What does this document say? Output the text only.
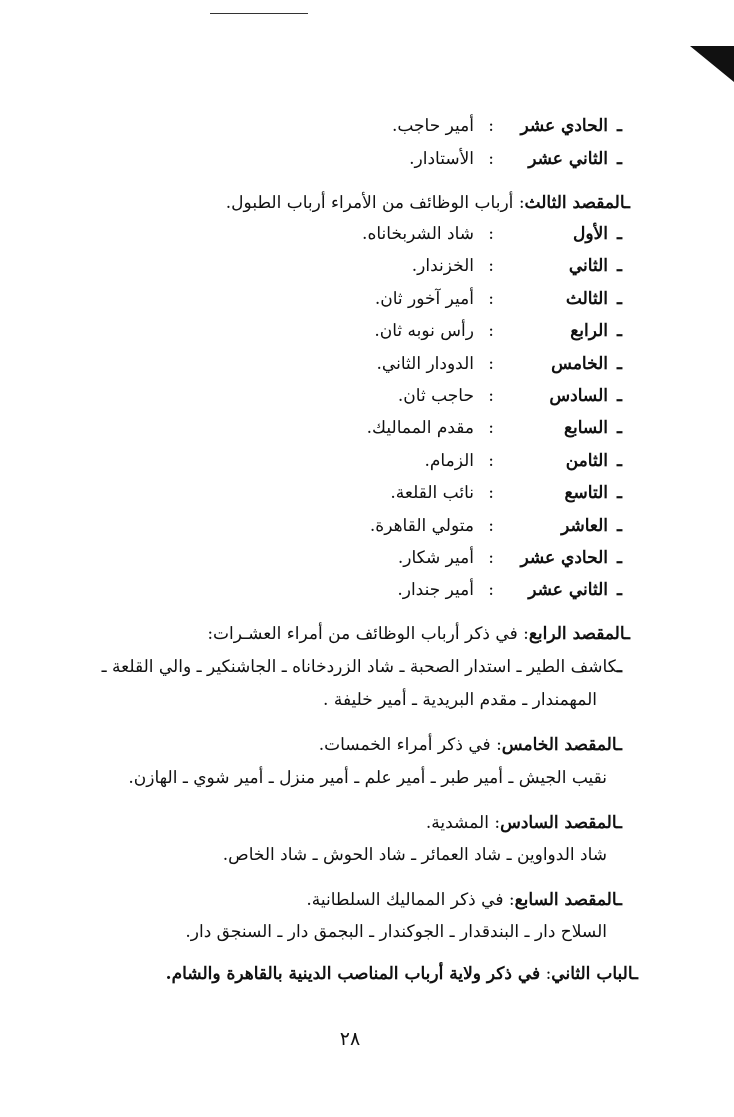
ـ
الحادي عشر
:
أمير حاجب.
ـ
الثاني عشر
:
الأستادار.
ـالمقصد الثالث: أرباب الوظائف من الأمراء أرباب الطبول.
ـ
الأول
:
شاد الشربخاناه.
ـ
الثاني
:
الخزندار.
ـ
الثالث
:
أمير آخور ثان.
ـ
الرابع
:
رأس نوبه ثان.
ـ
الخامس
:
الدودار الثاني.
ـ
السادس
:
حاجب ثان.
ـ
السابع
:
مقدم المماليك.
ـ
الثامن
:
الزمام.
ـ
التاسع
:
نائب القلعة.
ـ
العاشر
:
متولي القاهرة.
ـ
الحادي عشر
:
أمير شكار.
ـ
الثاني عشر
:
أمير جندار.
ـالمقصد الرابع: في ذكر أرباب الوظائف من أمراء العشـرات:
ـكاشف الطير ـ استدار الصحبة ـ شاد الزردخاناه ـ الجاشنكير ـ والي القلعة ـ
المهمندار ـ مقدم البريدية ـ أمير خليفة .
ـالمقصد الخامس: في ذكر أمراء الخمسات.
نقيب الجيش ـ أمير طبر ـ أمير علم ـ أمير منزل ـ أمير شوي ـ الهازن.
ـالمقصد السادس: المشدية.
شاد الدواوين ـ شاد العمائر ـ شاد الحوش ـ شاد الخاص.
ـالمقصد السابع: في ذكر المماليك السلطانية.
السلاح دار ـ البندقدار ـ الجوكندار ـ البجمق دار ـ السنجق دار.
ـالباب الثاني: في ذكر ولاية أرباب المناصب الدينية بالقاهرة والشام.
٢٨
